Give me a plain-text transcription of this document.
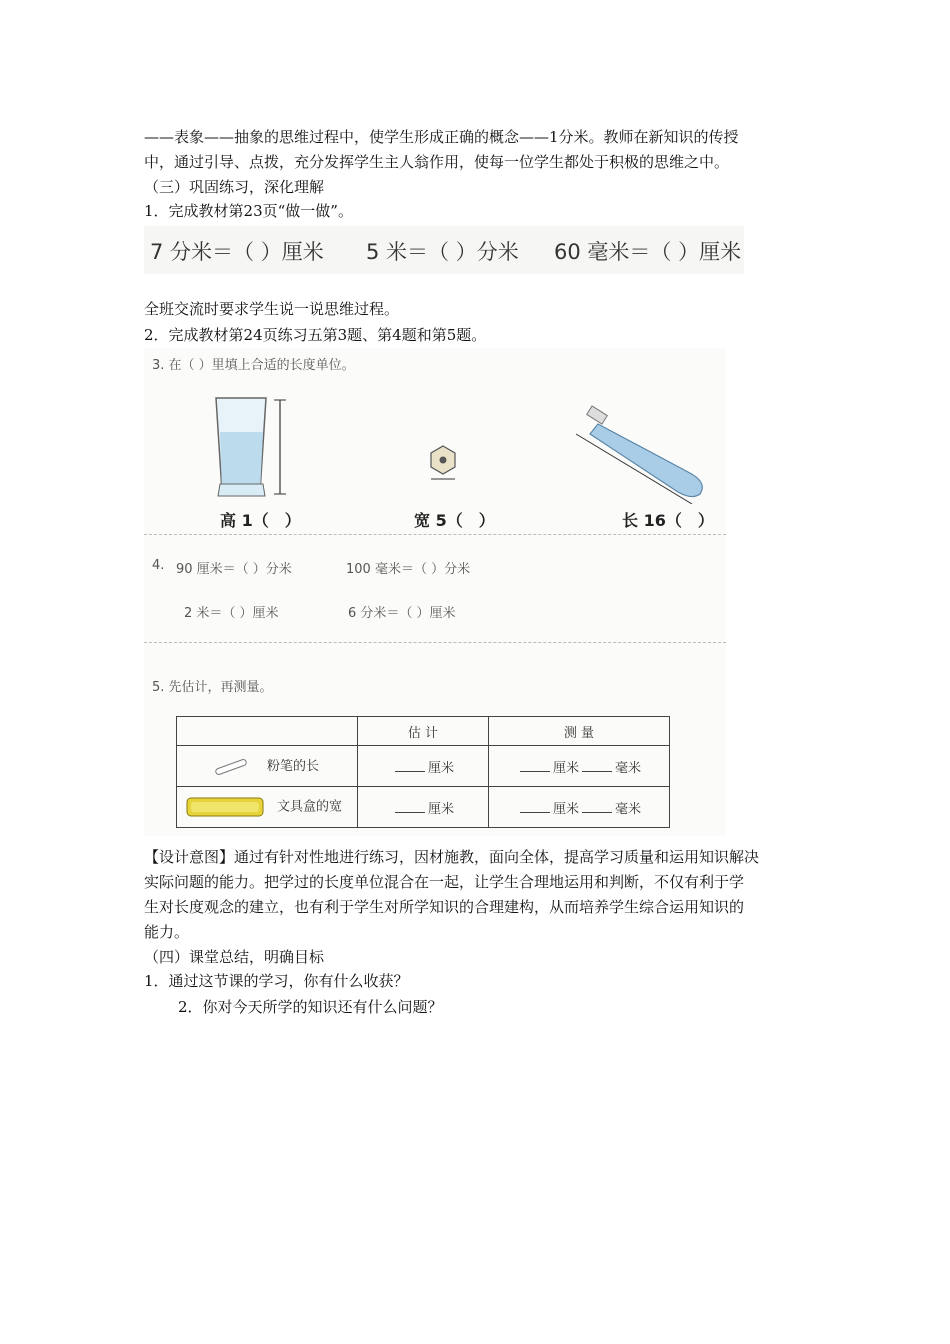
——表象——抽象的思维过程中，使学生形成正确的概念——1分米。教师在新知识的传授
中，通过引导、点拨，充分发挥学生主人翁作用，使每一位学生都处于积极的思维之中。
（三）巩固练习，深化理解
1．完成教材第23页“做一做”。
7 分米＝（ ）厘米 5 米＝（ ）分米 60 毫米＝（ ）厘米
全班交流时要求学生说一说思维过程。
2．完成教材第24页练习五第3题、第4题和第5题。
3. 在（ ）里填上合适的长度单位。
高 1（　）	宽 5（　）	长 16（　）
4. 90 厘米＝（ ）分米	100 毫米＝（ ）分米
2 米＝（ ）厘米	6 分米＝（ ）厘米
5. 先估计，再测量。
	估 计	测 量
粉笔的长	厘米	厘米 毫米
文具盒的宽	厘米	厘米 毫米
【设计意图】通过有针对性地进行练习，因材施教，面向全体，提高学习质量和运用知识解决
实际问题的能力。把学过的长度单位混合在一起，让学生合理地运用和判断，不仅有利于学
生对长度观念的建立，也有利于学生对所学知识的合理建构，从而培养学生综合运用知识的
能力。
（四）课堂总结，明确目标
1．通过这节课的学习，你有什么收获？
2．你对今天所学的知识还有什么问题？
